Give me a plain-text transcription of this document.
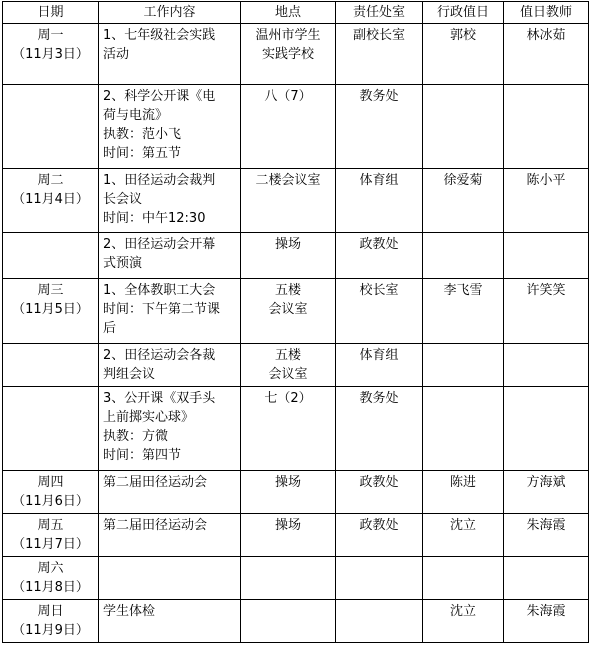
日期	工作内容	地点	责任处室	行政值日	值日教师

周一
（11月3日）	1、七年级社会实践
活动	温州市学生
实践学校	副校长室	郭校	林冰茹

	2、科学公开课《电
荷与电流》
执教：范小飞
时间：第五节	八（7）	教务处		

周二
（11月4日）	1、田径运动会裁判
长会议
时间：中午12:30	二楼会议室	体育组	徐爱菊	陈小平

	2、田径运动会开幕
式预演	操场	政教处		

周三
（11月5日）	1、全体教职工大会
时间：下午第二节课
后	五楼
会议室	校长室	李飞雪	许笑笑

	2、田径运动会各裁
判组会议	五楼
会议室	体育组		

	3、公开课《双手头
上前掷实心球》
执教：方微
时间：第四节	七（2）	教务处		

周四
（11月6日）	第二届田径运动会	操场	政教处	陈进	方海斌

周五
（11月7日）	第二届田径运动会	操场	政教处	沈立	朱海霞

周六
（11月8日）					

周日
（11月9日）	学生体检			沈立	朱海霞
